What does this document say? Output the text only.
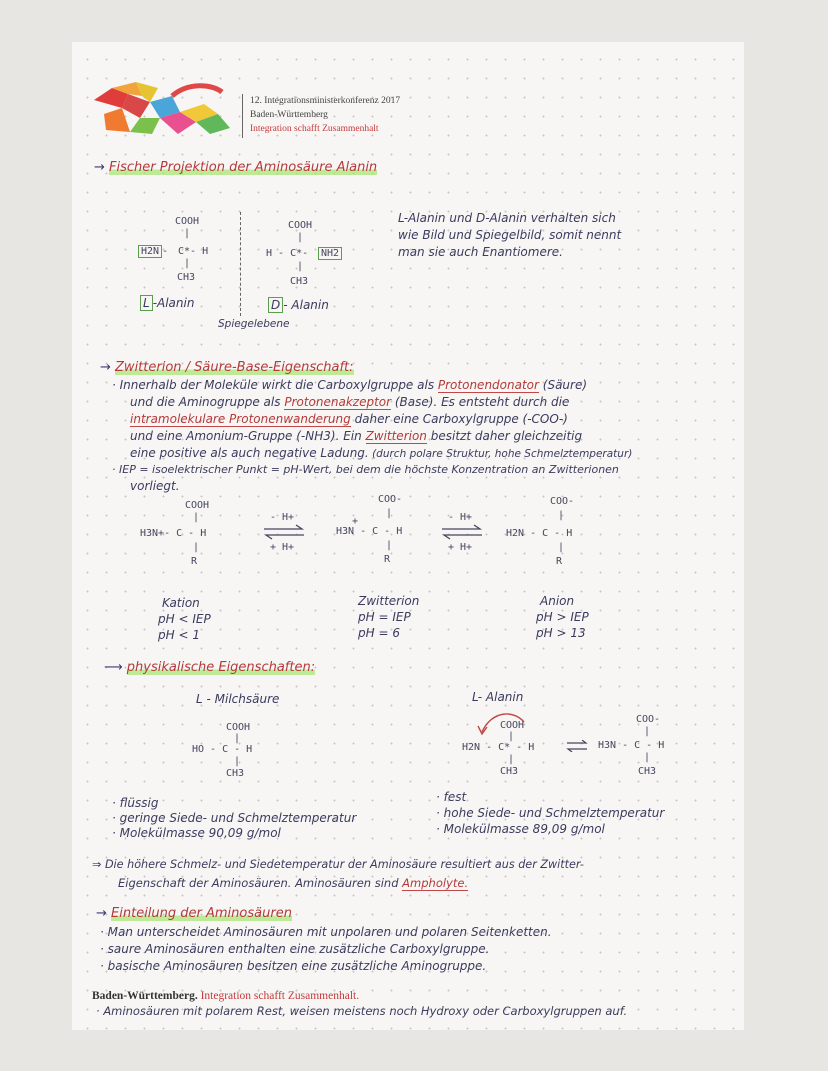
12. Integrationsministerkonferenz 2017
Baden-Württemberg
Integration schafft Zusammenhalt
→ Fischer Projektion der Aminosäure Alanin
COOH
|
H2N - C*- H
|
CH3
L -Alanin
Spiegelebene
COOH
|
H - C*-	NH2
|
CH3
D - Alanin
L-Alanin und D-Alanin verhalten sich
wie Bild und Spiegelbild, somit nennt
man sie auch Enantiomere.
→ Zwitterion / Säure-Base-Eigenschaft:
· Innerhalb der Moleküle wirkt die Carboxylgruppe als Protonendonator (Säure)
und die Aminogruppe als Protonenakzeptor (Base). Es entsteht durch die
intramolekulare Protonenwanderung daher eine Carboxylgruppe (-COO-)
und eine Amonium-Gruppe (-NH3). Ein Zwitterion besitzt daher gleichzeitig
eine positive als auch negative Ladung. (durch polare Struktur, hohe Schmelztemperatur)
· IEP = isoelektrischer Punkt = pH-Wert, bei dem die höchste Konzentration an Zwitterionen
vorliegt.
COOH
|
H3N+- C - H
|
R
- H+
+ H+
+
COO-
|
H3N - C - H
|
R
- H+
+ H+
COO-
|
H2N - C - H
|
R
Kation
pH < IEP
pH < 1
Zwitterion
pH = IEP
pH = 6
Anion
pH > IEP
pH > 13
⟶ physikalische Eigenschaften:
L - Milchsäure
COOH
|
HO - C - H
|
CH3
L- Alanin
COOH
|
H2N - C* - H
|
CH3
COO-
|
H3N - C - H
|
CH3
· flüssig
· geringe Siede- und Schmelztemperatur
· Molekülmasse 90,09 g/mol
· fest
· hohe Siede- und Schmelztemperatur
· Molekülmasse 89,09 g/mol
⇒ Die höhere Schmelz- und Siedetemperatur der Aminosäure resultiert aus der Zwitter-
Eigenschaft der Aminosäuren. Aminosäuren sind Ampholyte.
→ Einteilung der Aminosäuren
· Man unterscheidet Aminosäuren mit unpolaren und polaren Seitenketten.
· saure Aminosäuren enthalten eine zusätzliche Carboxylgruppe.
· basische Aminosäuren besitzen eine zusätzliche Aminogruppe.
Baden-Württemberg. Integration schafft Zusammenhalt.
· Aminosäuren mit polarem Rest, weisen meistens noch Hydroxy oder Carboxylgruppen auf.
